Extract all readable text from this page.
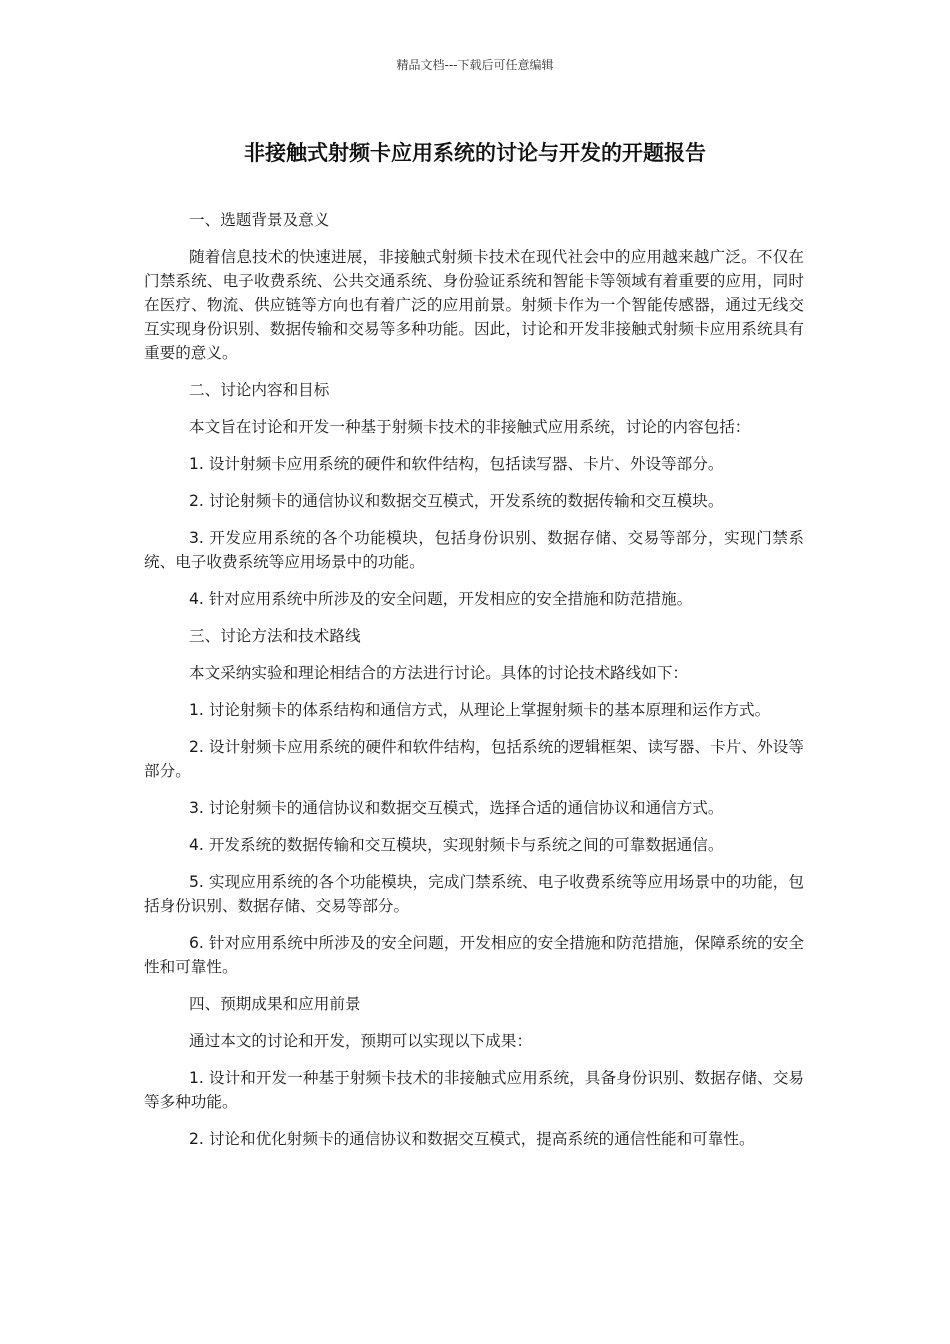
精品文档---下载后可任意编辑
非接触式射频卡应用系统的讨论与开发的开题报告

一、选题背景及意义

随着信息技术的快速进展，非接触式射频卡技术在现代社会中的应用越来越广泛。不仅在门禁系统、电子收费系统、公共交通系统、身份验证系统和智能卡等领域有着重要的应用，同时在医疗、物流、供应链等方向也有着广泛的应用前景。射频卡作为一个智能传感器，通过无线交互实现身份识别、数据传输和交易等多种功能。因此，讨论和开发非接触式射频卡应用系统具有重要的意义。

二、讨论内容和目标

本文旨在讨论和开发一种基于射频卡技术的非接触式应用系统，讨论的内容包括：

1. 设计射频卡应用系统的硬件和软件结构，包括读写器、卡片、外设等部分。

2. 讨论射频卡的通信协议和数据交互模式，开发系统的数据传输和交互模块。

3. 开发应用系统的各个功能模块，包括身份识别、数据存储、交易等部分，实现门禁系统、电子收费系统等应用场景中的功能。

4. 针对应用系统中所涉及的安全问题，开发相应的安全措施和防范措施。

三、讨论方法和技术路线

本文采纳实验和理论相结合的方法进行讨论。具体的讨论技术路线如下：

1. 讨论射频卡的体系结构和通信方式，从理论上掌握射频卡的基本原理和运作方式。

2. 设计射频卡应用系统的硬件和软件结构，包括系统的逻辑框架、读写器、卡片、外设等部分。

3. 讨论射频卡的通信协议和数据交互模式，选择合适的通信协议和通信方式。

4. 开发系统的数据传输和交互模块，实现射频卡与系统之间的可靠数据通信。

5. 实现应用系统的各个功能模块，完成门禁系统、电子收费系统等应用场景中的功能，包括身份识别、数据存储、交易等部分。

6. 针对应用系统中所涉及的安全问题，开发相应的安全措施和防范措施，保障系统的安全性和可靠性。

四、预期成果和应用前景

通过本文的讨论和开发，预期可以实现以下成果：

1. 设计和开发一种基于射频卡技术的非接触式应用系统，具备身份识别、数据存储、交易等多种功能。

2. 讨论和优化射频卡的通信协议和数据交互模式，提高系统的通信性能和可靠性。
